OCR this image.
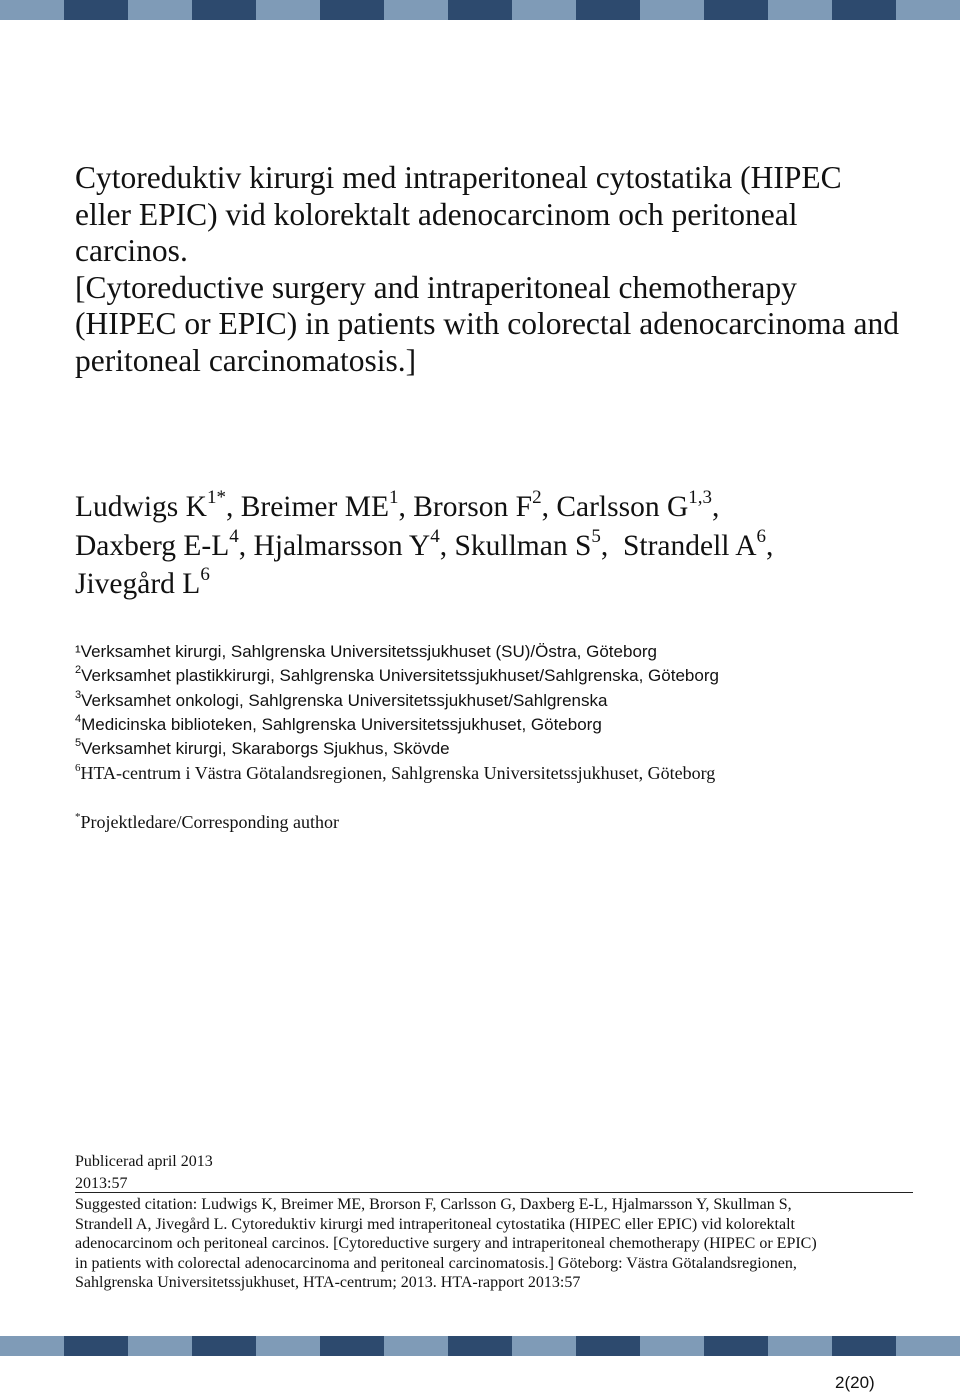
Cytoreduktiv kirurgi med intraperitoneal cytostatika (HIPEC
eller EPIC) vid kolorektalt adenocarcinom och peritoneal
carcinos.
[Cytoreductive surgery and intraperitoneal chemotherapy
(HIPEC or EPIC) in patients with colorectal adenocarcinoma and
peritoneal carcinomatosis.]
Ludwigs $K^{1*}$, Breimer $ME^1$, Brorson $F^2$, Carlsson G$^{1,3}$,
Daxberg $E-L^4$, Hjalmarsson $Y^4$, Skullman $S^5$,  Strandell $A^6$,
Jivegård $L^6$
¹Verksamhet kirurgi, Sahlgrenska Universitetssjukhuset (SU)/Östra, Göteborg
$^2$Verksamhet plastikkirurgi, Sahlgrenska Universitetssjukhuset/Sahlgrenska, Göteborg
$^3$Verksamhet onkologi, Sahlgrenska Universitetssjukhuset/Sahlgrenska
$^4$Medicinska biblioteken, Sahlgrenska Universitetssjukhuset, Göteborg
$^5$Verksamhet kirurgi, Skaraborgs Sjukhus, Skövde
$^6$HTA-centrum i Västra Götalandsregionen, Sahlgrenska Universitetssjukhuset, Göteborg
*Projektledare/Corresponding author
Publicerad april 2013
2013:57
Suggested citation: Ludwigs K, Breimer ME, Brorson F, Carlsson G, Daxberg E-L, Hjalmarsson Y, Skullman S,
Strandell A, Jivegård L. Cytoreduktiv kirurgi med intraperitoneal cytostatika (HIPEC eller EPIC) vid kolorektalt
adenocarcinom och peritoneal carcinos. [Cytoreductive surgery and intraperitoneal chemotherapy (HIPEC or EPIC)
in patients with colorectal adenocarcinoma and peritoneal carcinomatosis.] Göteborg: Västra Götalandsregionen,
Sahlgrenska Universitetssjukhuset, HTA-centrum; 2013. HTA-rapport 2013:57
2(20)
